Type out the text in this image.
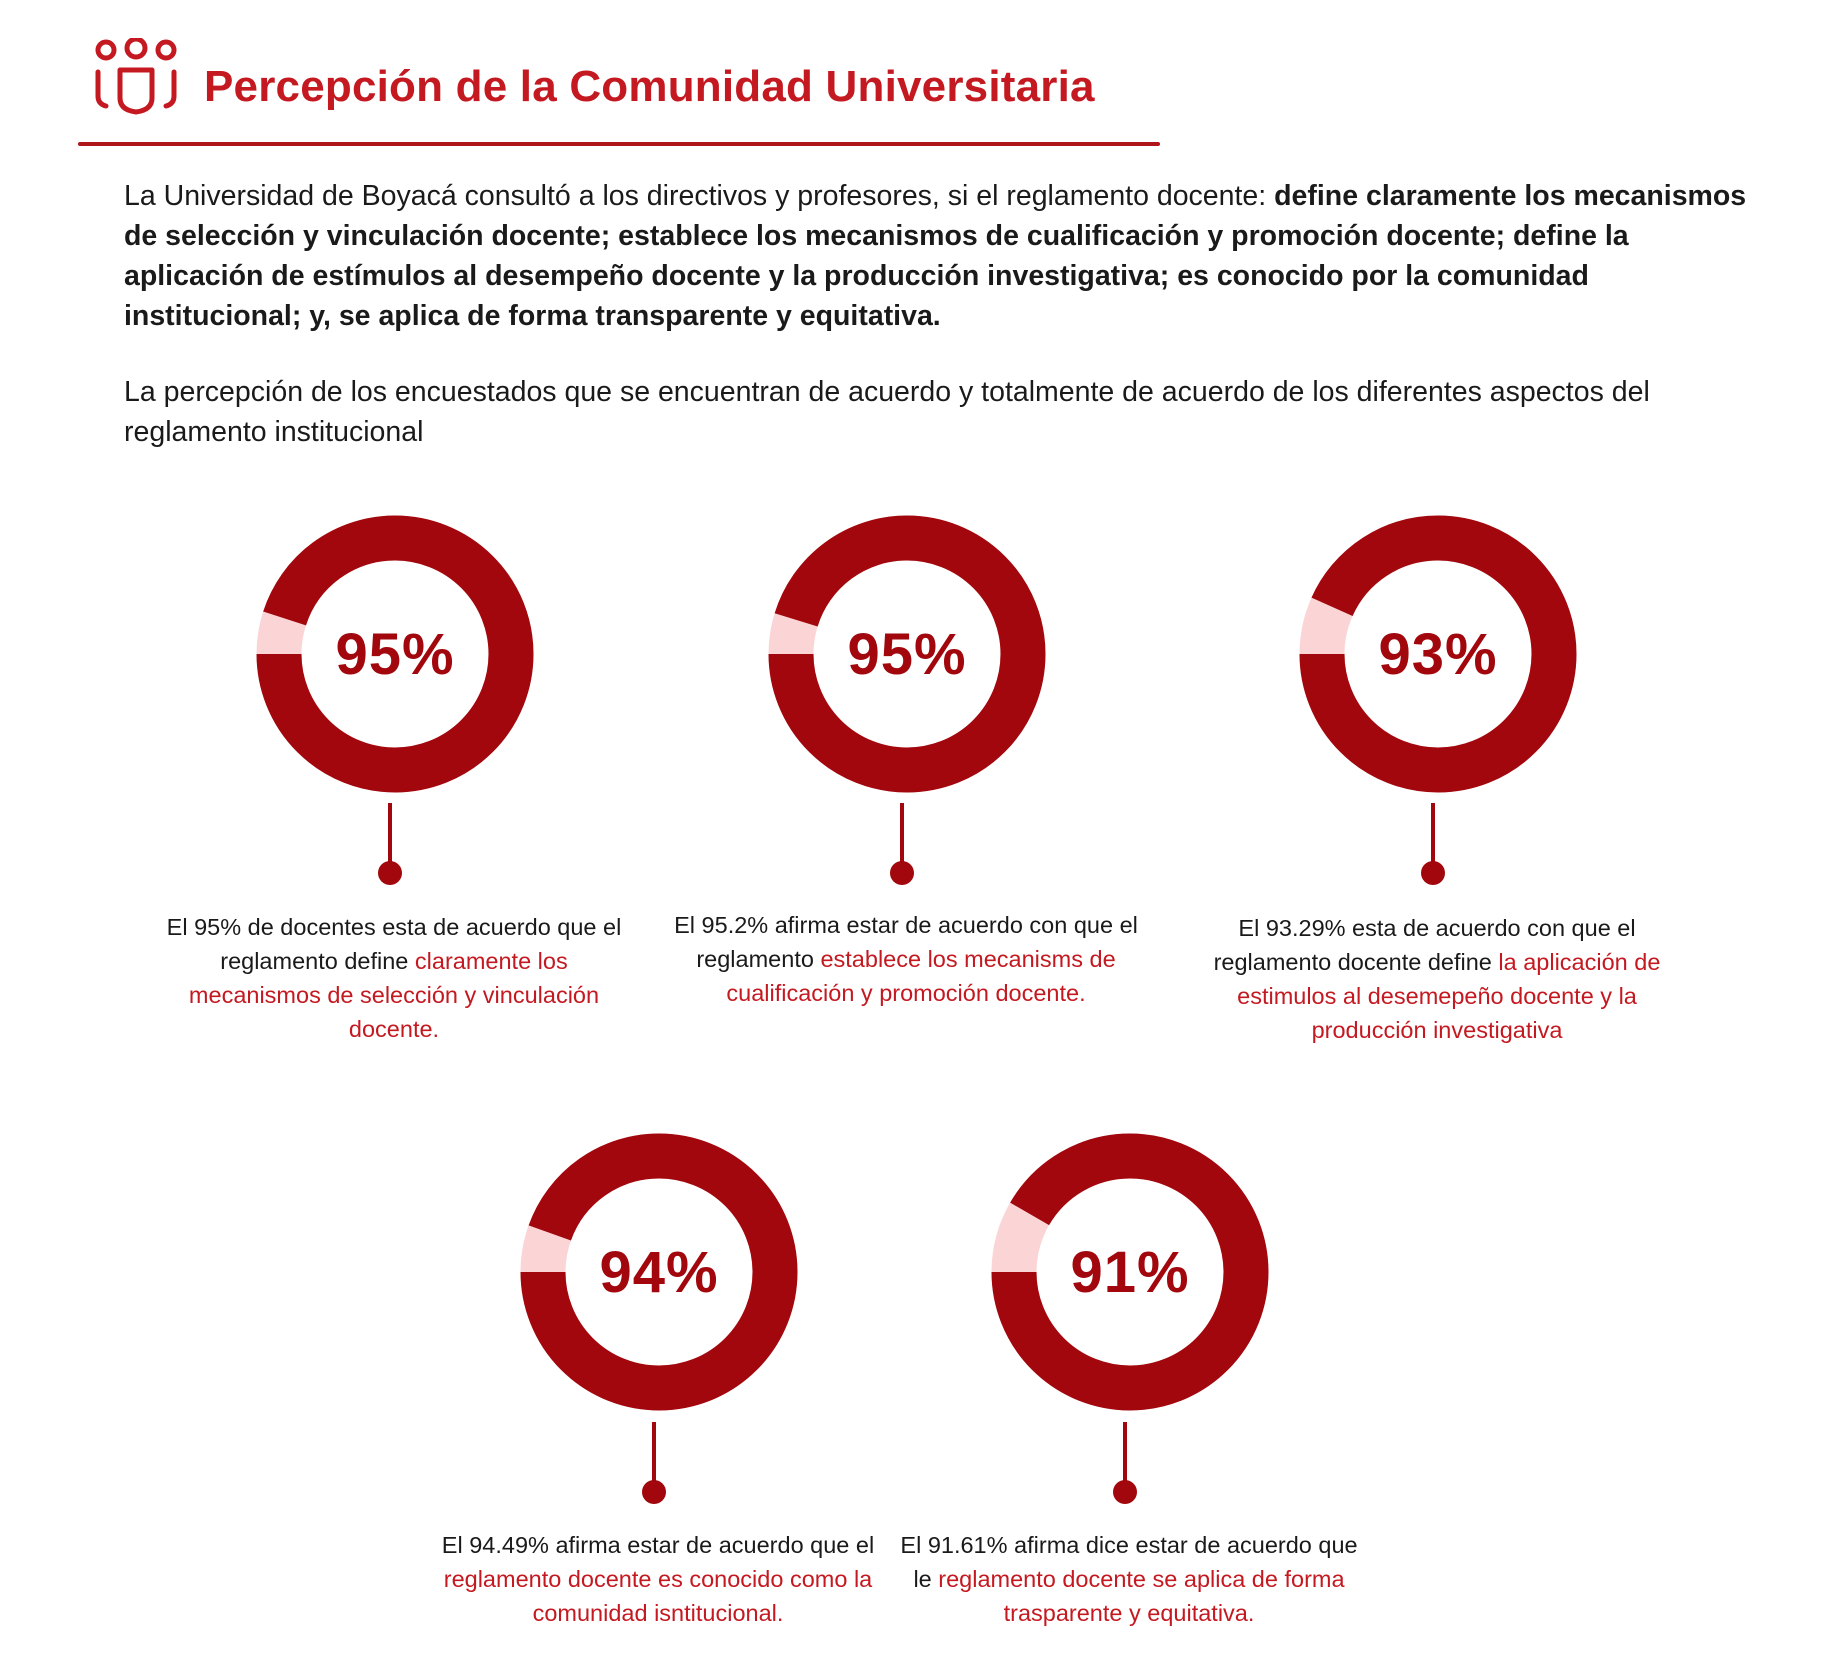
Percepción de la Comunidad Universitaria

La Universidad de Boyacá consultó a los directivos y profesores, si el reglamento docente: define claramente los mecanismos de selección y vinculación docente; establece los mecanismos de cualificación y promoción docente; define la aplicación de estímulos al desempeño docente y la producción investigativa; es conocido por la comunidad institucional; y, se aplica de forma transparente y equitativa.

La percepción de los encuestados que se encuentran de acuerdo y totalmente de acuerdo de los diferentes aspectos del reglamento institucional

95%

El 95% de docentes esta de acuerdo que el reglamento define claramente los mecanismos de selección y vinculación docente.

95%

El 95.2% afirma estar de acuerdo con que el reglamento establece los mecanisms de cualificación y promoción docente.

93%

El 93.29% esta de acuerdo con que el reglamento docente define la aplicación de estimulos al desemepeño docente y la producción investigativa

94%

El 94.49% afirma estar de acuerdo que el reglamento docente es conocido como la comunidad isntitucional.

91%

El 91.61% afirma dice estar de acuerdo que le reglamento docente se aplica de forma trasparente y equitativa.
